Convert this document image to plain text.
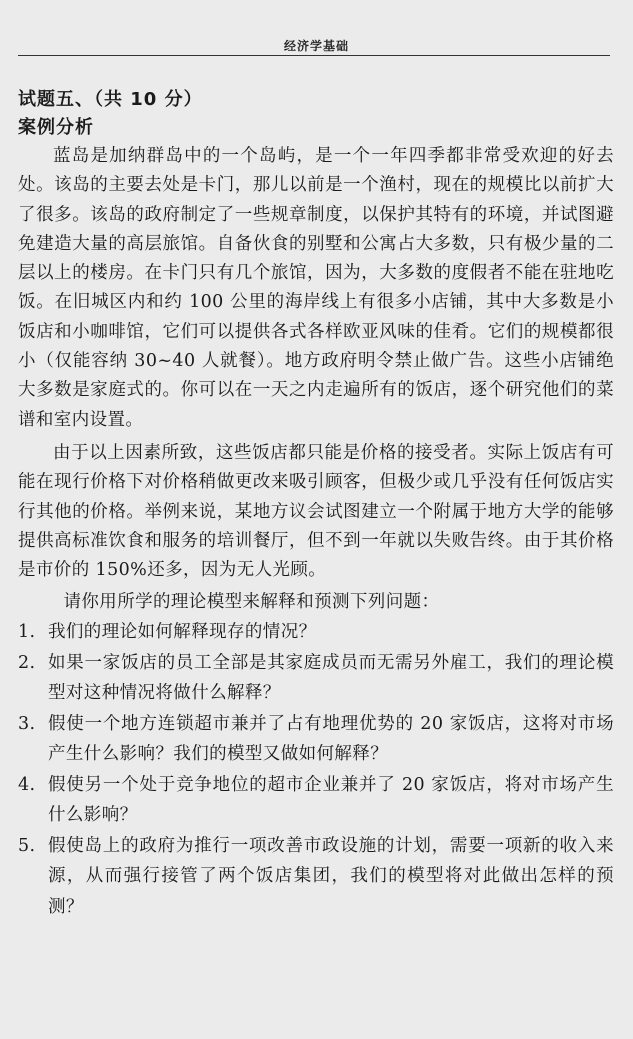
经济学基础
试题五、（共 10 分）
案例分析

蓝岛是加纳群岛中的一个岛屿，是一个一年四季都非常受欢迎的好去处。该岛的主要去处是卡门，那儿以前是一个渔村，现在的规模比以前扩大了很多。该岛的政府制定了一些规章制度，以保护其特有的环境，并试图避免建造大量的高层旅馆。自备伙食的别墅和公寓占大多数，只有极少量的二层以上的楼房。在卡门只有几个旅馆，因为，大多数的度假者不能在驻地吃饭。在旧城区内和约 100 公里的海岸线上有很多小店铺，其中大多数是小饭店和小咖啡馆，它们可以提供各式各样欧亚风味的佳肴。它们的规模都很小（仅能容纳 30~40 人就餐）。地方政府明令禁止做广告。这些小店铺绝大多数是家庭式的。你可以在一天之内走遍所有的饭店，逐个研究他们的菜谱和室内设置。

由于以上因素所致，这些饭店都只能是价格的接受者。实际上饭店有可能在现行价格下对价格稍做更改来吸引顾客，但极少或几乎没有任何饭店实行其他的价格。举例来说，某地方议会试图建立一个附属于地方大学的能够提供高标准饮食和服务的培训餐厅，但不到一年就以失败告终。由于其价格是市价的 150%还多，因为无人光顾。

请你用所学的理论模型来解释和预测下列问题：

1. 我们的理论如何解释现存的情况？
2. 如果一家饭店的员工全部是其家庭成员而无需另外雇工，我们的理论模型对这种情况将做什么解释？
3. 假使一个地方连锁超市兼并了占有地理优势的 20 家饭店，这将对市场产生什么影响？我们的模型又做如何解释？
4. 假使另一个处于竞争地位的超市企业兼并了 20 家饭店，将对市场产生什么影响？
5. 假使岛上的政府为推行一项改善市政设施的计划，需要一项新的收入来源，从而强行接管了两个饭店集团，我们的模型将对此做出怎样的预测？
